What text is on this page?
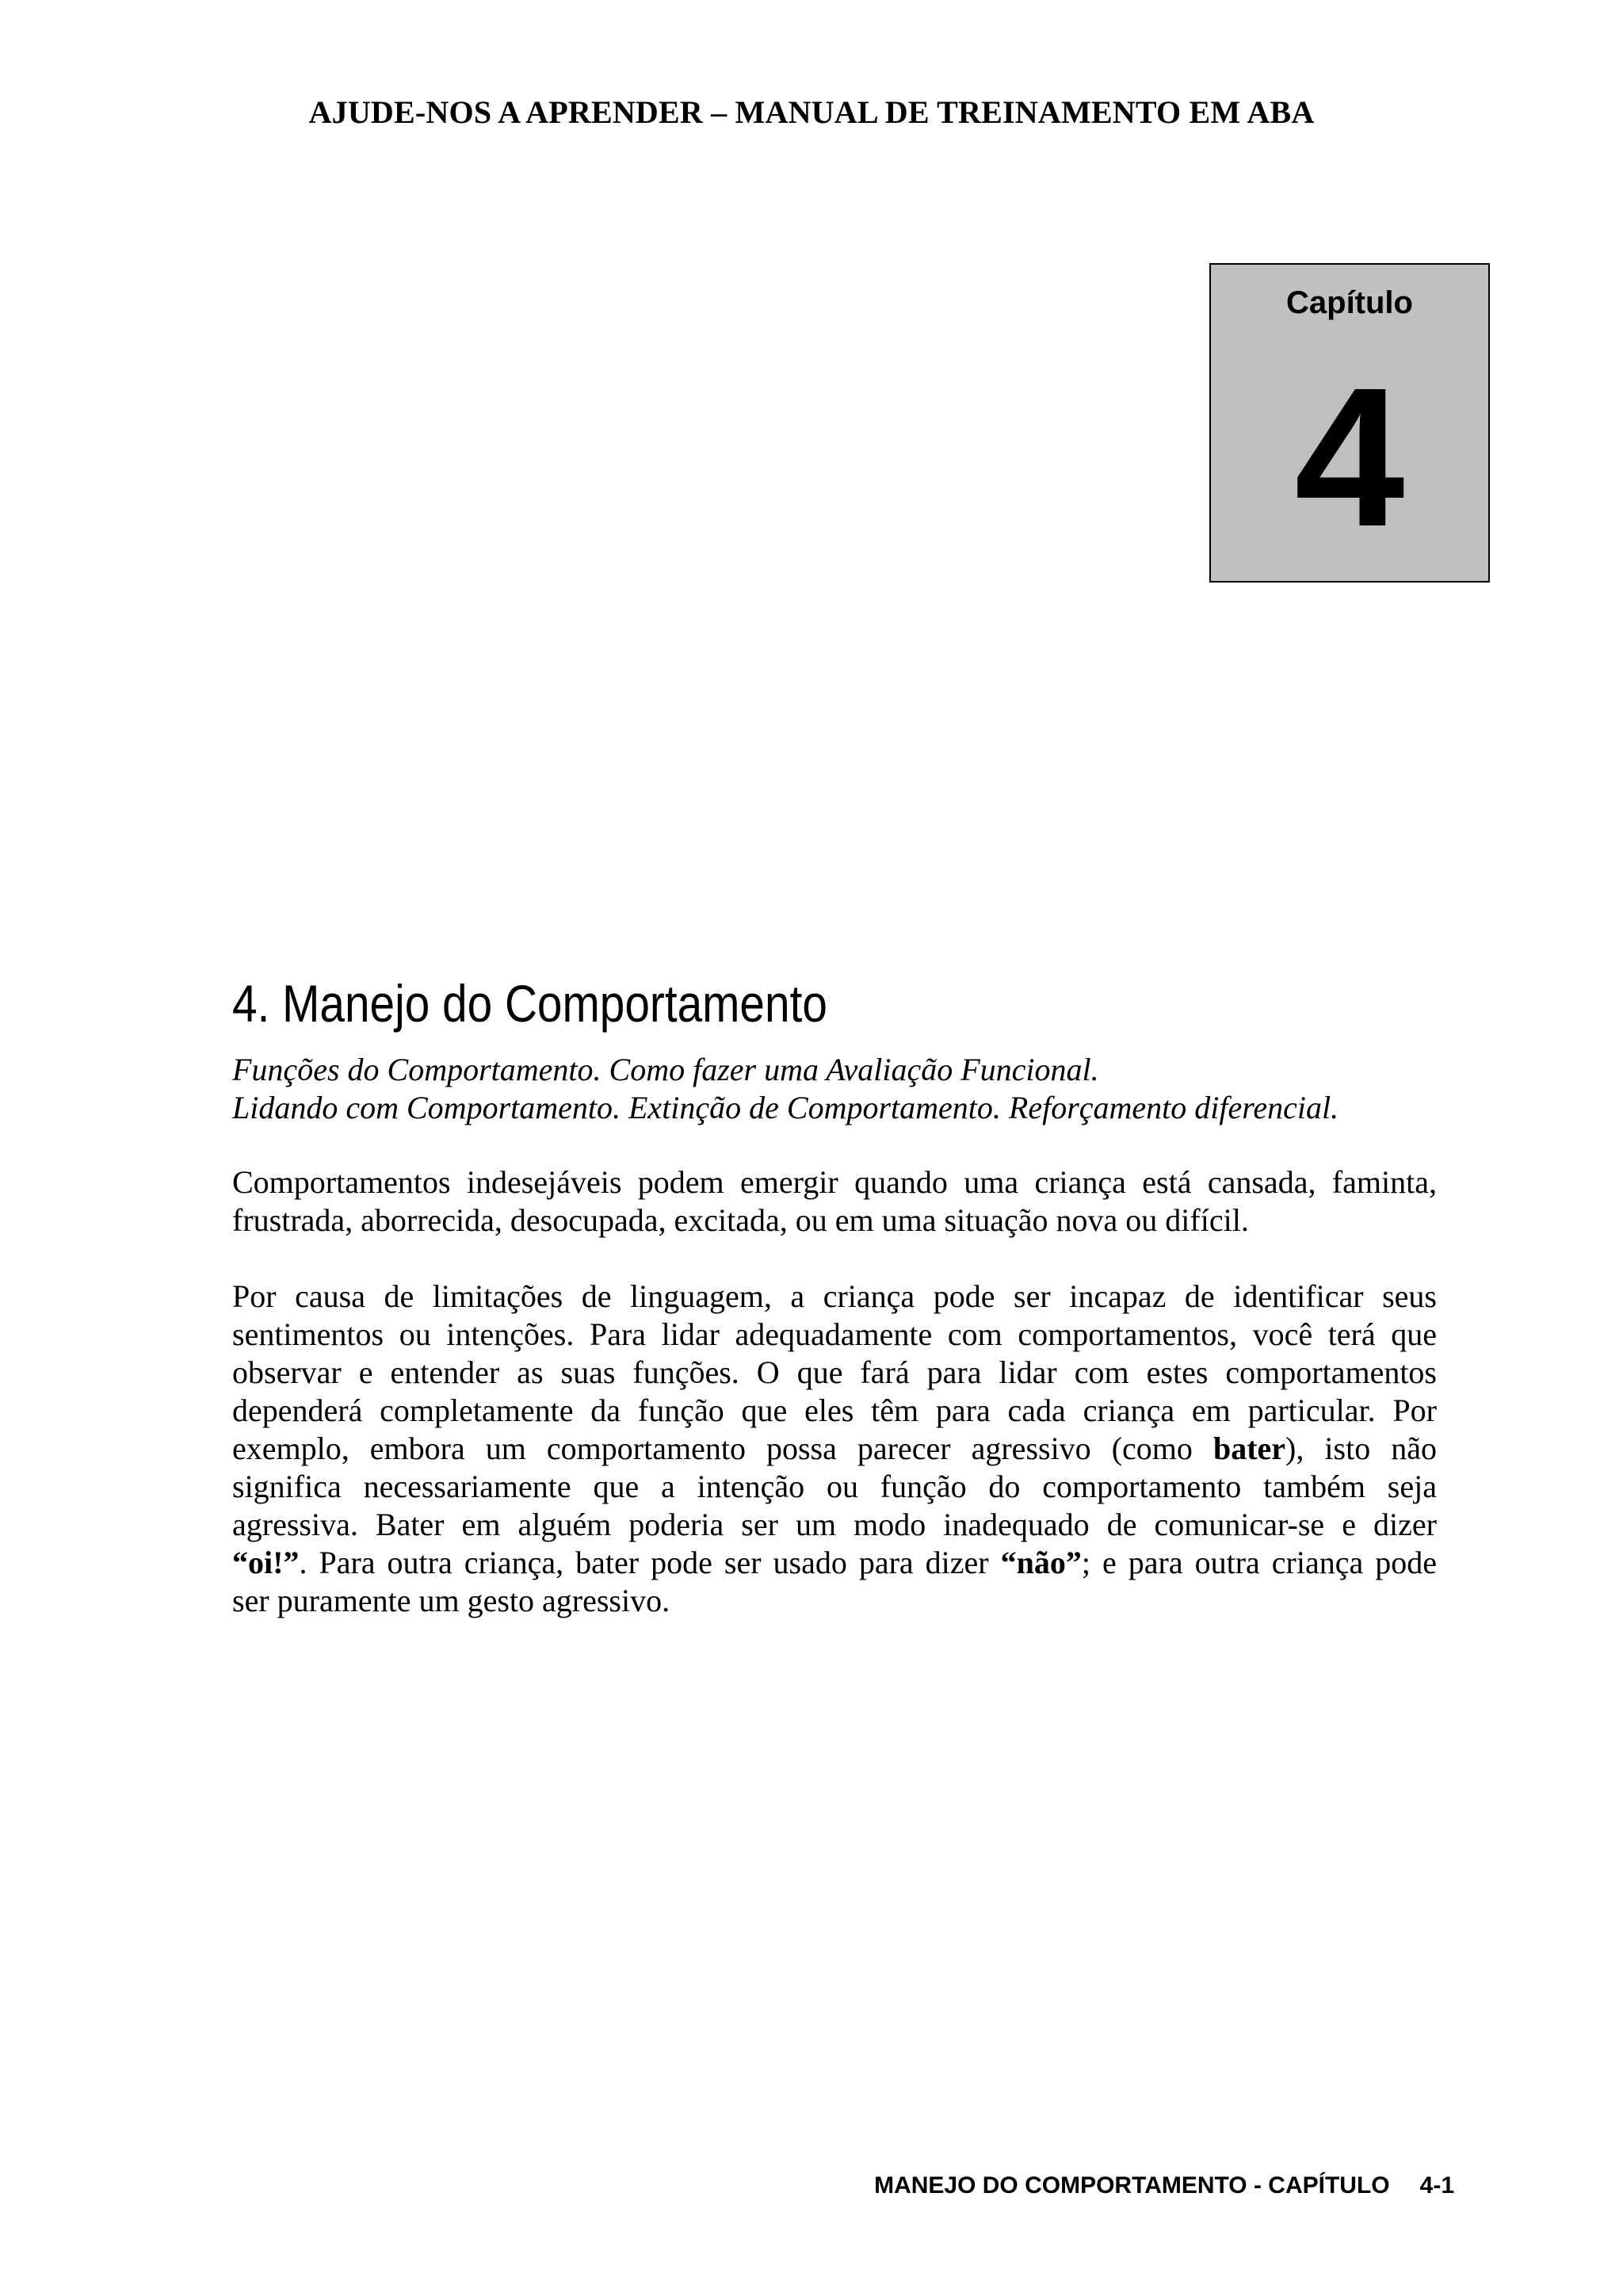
AJUDE-NOS A APRENDER – MANUAL DE TREINAMENTO EM ABA
Capítulo
4
4. Manejo do Comportamento
Funções do Comportamento. Como fazer uma Avaliação Funcional.
Lidando com Comportamento. Extinção de Comportamento. Reforçamento diferencial.
Comportamentos indesejáveis podem emergir quando uma criança está cansada, faminta,
frustrada, aborrecida, desocupada, excitada, ou em uma situação nova ou difícil.
Por causa de limitações de linguagem, a criança pode ser incapaz de identificar seus
sentimentos ou intenções. Para lidar adequadamente com comportamentos, você terá que
observar e entender as suas funções. O que fará para lidar com estes comportamentos
dependerá completamente da função que eles têm para cada criança em particular. Por
exemplo, embora um comportamento possa parecer agressivo (como bater), isto não
significa necessariamente que a intenção ou função do comportamento também seja
agressiva. Bater em alguém poderia ser um modo inadequado de comunicar-se e dizer
“oi!”. Para outra criança, bater pode ser usado para dizer “não”; e para outra criança pode
ser puramente um gesto agressivo.
MANEJO DO COMPORTAMENTO - CAPÍTULO 4-1
